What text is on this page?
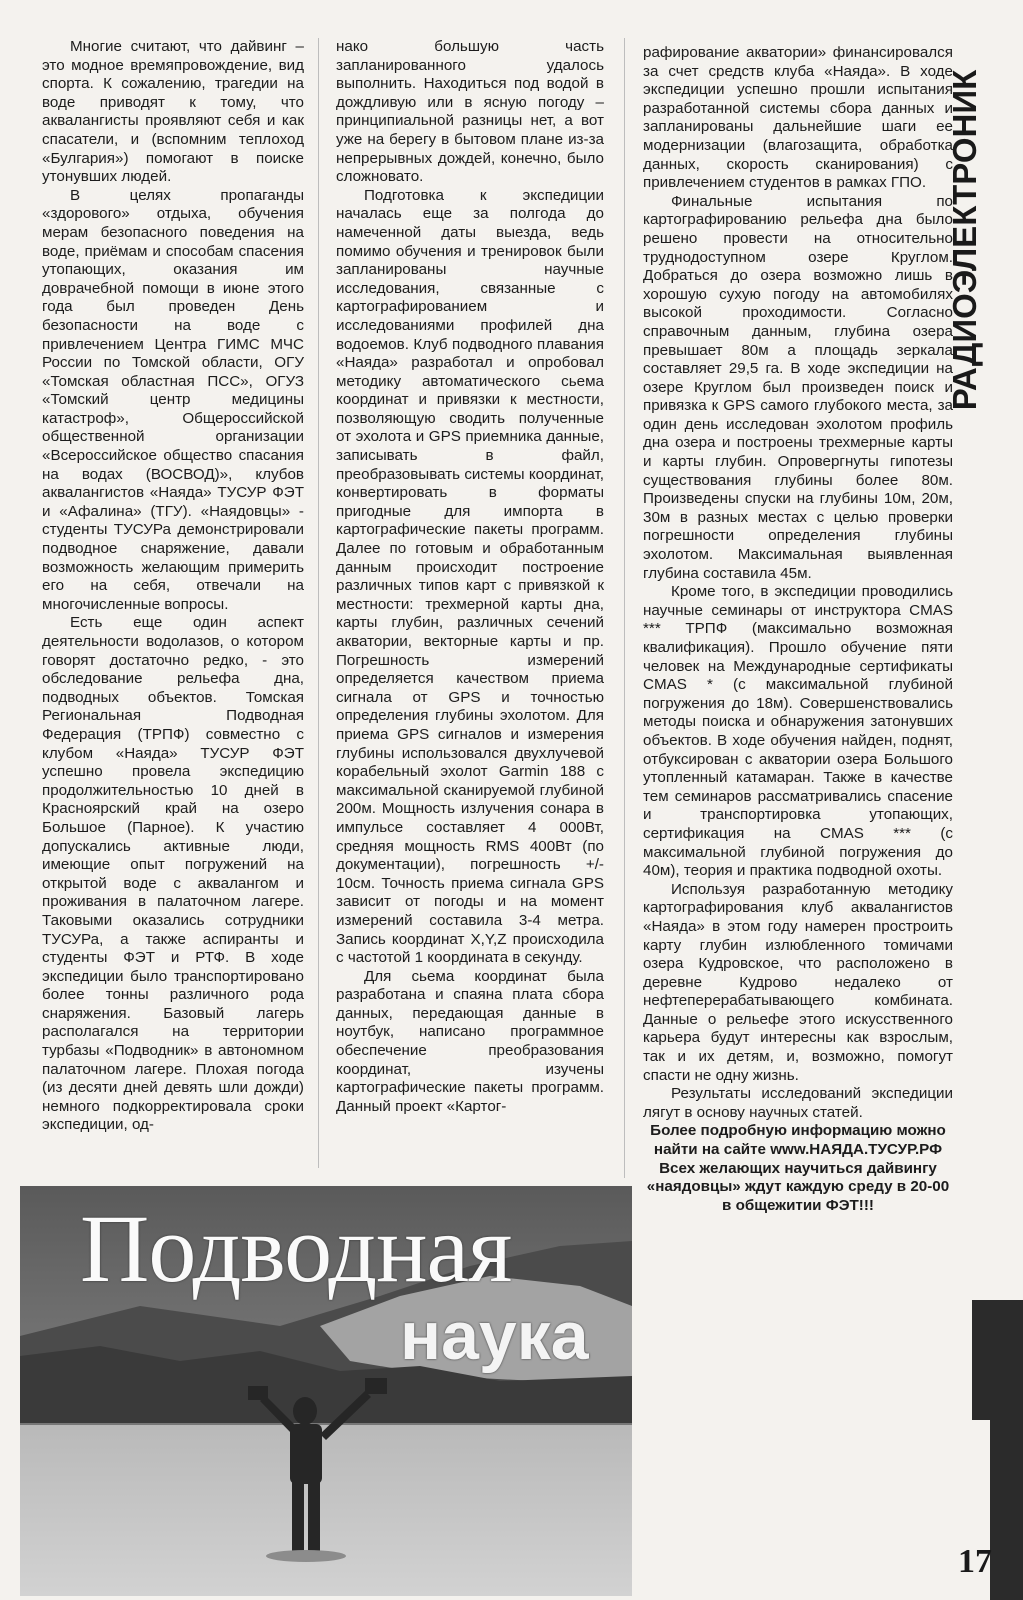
Многие считают, что дайвинг – это модное времяпровождение, вид спорта. К сожалению, трагедии на воде приводят к тому, что аквалангисты проявляют себя и как спасатели, и (вспомним теплоход «Булгария») помогают в поиске утонувших людей.

В целях пропаганды «здорового» отдыха, обучения мерам безопасного поведения на воде, приёмам и способам спасения утопающих, оказания им доврачебной помощи в июне этого года был проведен День безопасности на воде с привлечением Центра ГИМС МЧС России по Томской области, ОГУ «Томская областная ПСС», ОГУЗ «Томский центр медицины катастроф», Общероссийской общественной организации «Всероссийское общество спасания на водах (ВОСВОД)», клубов аквалангистов «Наяда» ТУСУР ФЭТ и «Афалина» (ТГУ). «Наядовцы» - студенты ТУСУРа демонстрировали подводное снаряжение, давали возможность желающим примерить его на себя, отвечали на многочисленные вопросы.

Есть еще один аспект деятельности водолазов, о котором говорят достаточно редко, - это обследование рельефа дна, подводных объектов. Томская Региональная Подводная Федерация (ТРПФ) совместно с клубом «Наяда» ТУСУР ФЭТ успешно провела экспедицию продолжительностью 10 дней в Красноярский край на озеро Большое (Парное). К участию допускались активные люди, имеющие опыт погружений на открытой воде с аквалангом и проживания в палаточном лагере. Таковыми оказались сотрудники ТУСУРа, а также аспиранты и студенты ФЭТ и РТФ. В ходе экспедиции было транспортировано более тонны различного рода снаряжения. Базовый лагерь располагался на территории турбазы «Подводник» в автономном палаточном лагере. Плохая погода (из десяти дней девять шли дожди) немного подкорректировала сроки экспедиции, од-

нако большую часть запланированного удалось выполнить. Находиться под водой в дождливую или в ясную погоду – принципиальной разницы нет, а вот уже на берегу в бытовом плане из-за непрерывных дождей, конечно, было сложновато.

Подготовка к экспедиции началась еще за полгода до намеченной даты выезда, ведь помимо обучения и тренировок были запланированы научные исследования, связанные с картографированием и исследованиями профилей дна водоемов. Клуб подводного плавания «Наяда» разработал и опробовал методику автоматического сьема координат и привязки к местности, позволяющую сводить полученные от эхолота и GPS приемника данные, записывать в файл, преобразовывать системы координат, конвертировать в форматы пригодные для импорта в картографические пакеты программ. Далее по готовым и обработанным данным происходит построение различных типов карт с привязкой к местности: трехмерной карты дна, карты глубин, различных сечений акватории, векторные карты и пр. Погрешность измерений определяется качеством приема сигнала от GPS и точностью определения глубины эхолотом. Для приема GPS сигналов и измерения глубины использовался двухлучевой корабельный эхолот Garmin 188 с максимальной сканируемой глубиной 200м. Мощность излучения сонара в импульсе составляет 4 000Вт, средняя мощность RMS 400Вт (по документации), погрешность +/- 10см. Точность приема сигнала GPS зависит от погоды и на момент измерений составила 3-4 метра. Запись координат X,Y,Z происходила с частотой 1 координата в секунду.

Для сьема координат была разработана и спаяна плата сбора данных, передающая данные в ноутбук, написано программное обеспечение преобразования координат, изучены картографические пакеты программ. Данный проект «Картог-

рафирование акватории» финансировался за счет средств клуба «Наяда». В ходе экспедиции успешно прошли испытания разработанной системы сбора данных и запланированы дальнейшие шаги ее модернизации (влагозащита, обработка данных, скорость сканирования) с привлечением студентов в рамках ГПО.

Финальные испытания по картографированию рельефа дна было решено провести на относительно труднодоступном озере Круглом. Добраться до озера возможно лишь в хорошую сухую погоду на автомобилях высокой проходимости. Согласно справочным данным, глубина озера превышает 80м а площадь зеркала составляет 29,5 га. В ходе экспедиции на озере Круглом был произведен поиск и привязка к GPS самого глубокого места, за один день исследован эхолотом профиль дна озера и построены трехмерные карты и карты глубин. Опровергнуты гипотезы существования глубины более 80м. Произведены спуски на глубины 10м, 20м, 30м в разных местах с целью проверки погрешности определения глубины эхолотом. Максимальная выявленная глубина составила 45м.

Кроме того, в экспедиции проводились научные семинары от инструктора CMAS *** ТРПФ (максимально возможная квалификация). Прошло обучение пяти человек на Международные сертификаты CMAS * (с максимальной глубиной погружения до 18м). Совершенствовались методы поиска и обнаружения затонувших объектов. В ходе обучения найден, поднят, отбуксирован с акватории озера Большого утопленный катамаран. Также в качестве тем семинаров рассматривались спасение и транспортировка утопающих, сертификация на CMAS *** (с максимальной глубиной погружения до 40м), теория и практика подводной охоты.

Используя разработанную методику картографирования клуб аквалангистов «Наяда» в этом году намерен простроить карту глубин излюбленного томичами озера Кудровское, что расположено в деревне Кудрово недалеко от нефтеперерабатывающего комбината. Данные о рельефе этого искусственного карьера будут интересны как взрослым, так и их детям, и, возможно, помогут спасти не одну жизнь.

Результаты исследований экспедиции лягут в основу научных статей.

Более подробную информацию можно найти на сайте www.НАЯДА.ТУСУР.РФ

Всех желающих научиться дайвингу «наядовцы» ждут каждую среду в 20-00 в общежитии ФЭТ!!!

РАДИОЭЛЕКТРОНИК
Подводная
наука
17
